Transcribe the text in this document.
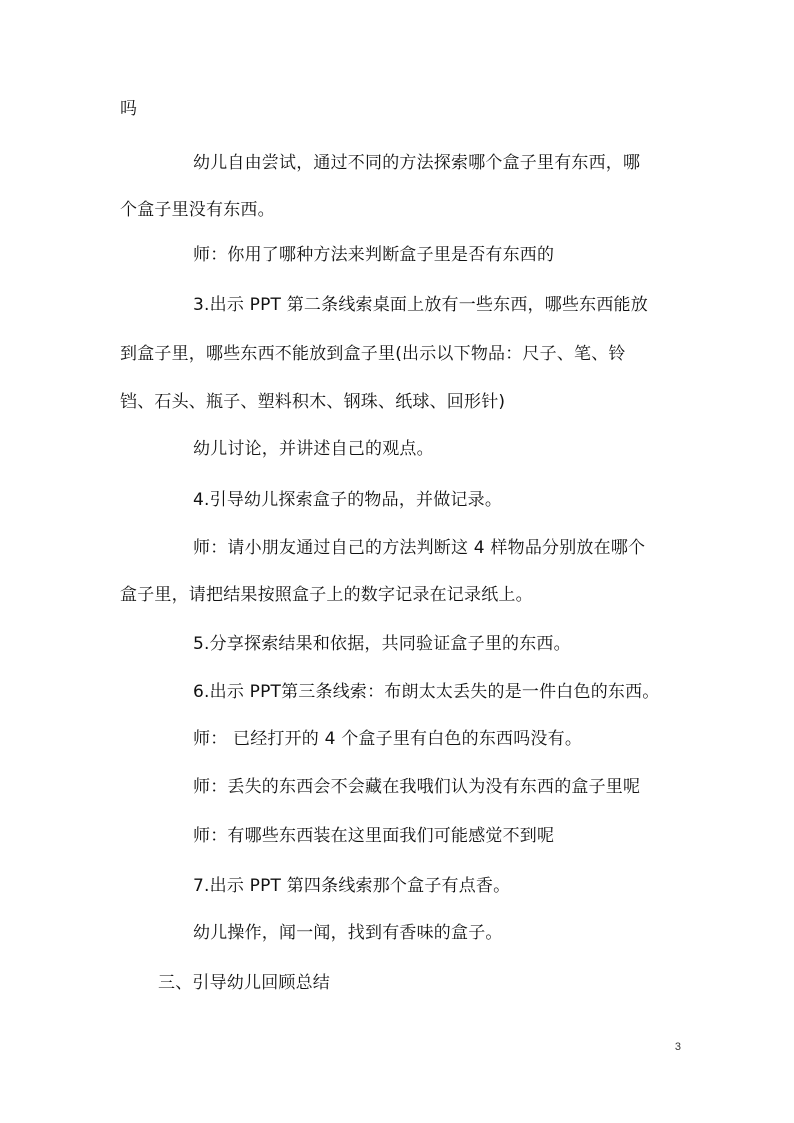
吗
幼儿自由尝试，通过不同的方法探索哪个盒子里有东西，哪
个盒子里没有东西。
师：你用了哪种方法来判断盒子里是否有东西的
3.出示 PPT 第二条线索桌面上放有一些东西，哪些东西能放
到盒子里，哪些东西不能放到盒子里(出示以下物品：尺子、笔、铃
铛、石头、瓶子、塑料积木、钢珠、纸球、回形针)
幼儿讨论，并讲述自己的观点。
4.引导幼儿探索盒子的物品，并做记录。
师：请小朋友通过自己的方法判断这 4 样物品分别放在哪个
盒子里，请把结果按照盒子上的数字记录在记录纸上。
5.分享探索结果和依据，共同验证盒子里的东西。
6.出示 PPT第三条线索：布朗太太丢失的是一件白色的东西。
师： 已经打开的 4 个盒子里有白色的东西吗没有。
师：丢失的东西会不会藏在我哦们认为没有东西的盒子里呢
师：有哪些东西装在这里面我们可能感觉不到呢
7.出示 PPT 第四条线索那个盒子有点香。
幼儿操作，闻一闻，找到有香味的盒子。
三、引导幼儿回顾总结
3
